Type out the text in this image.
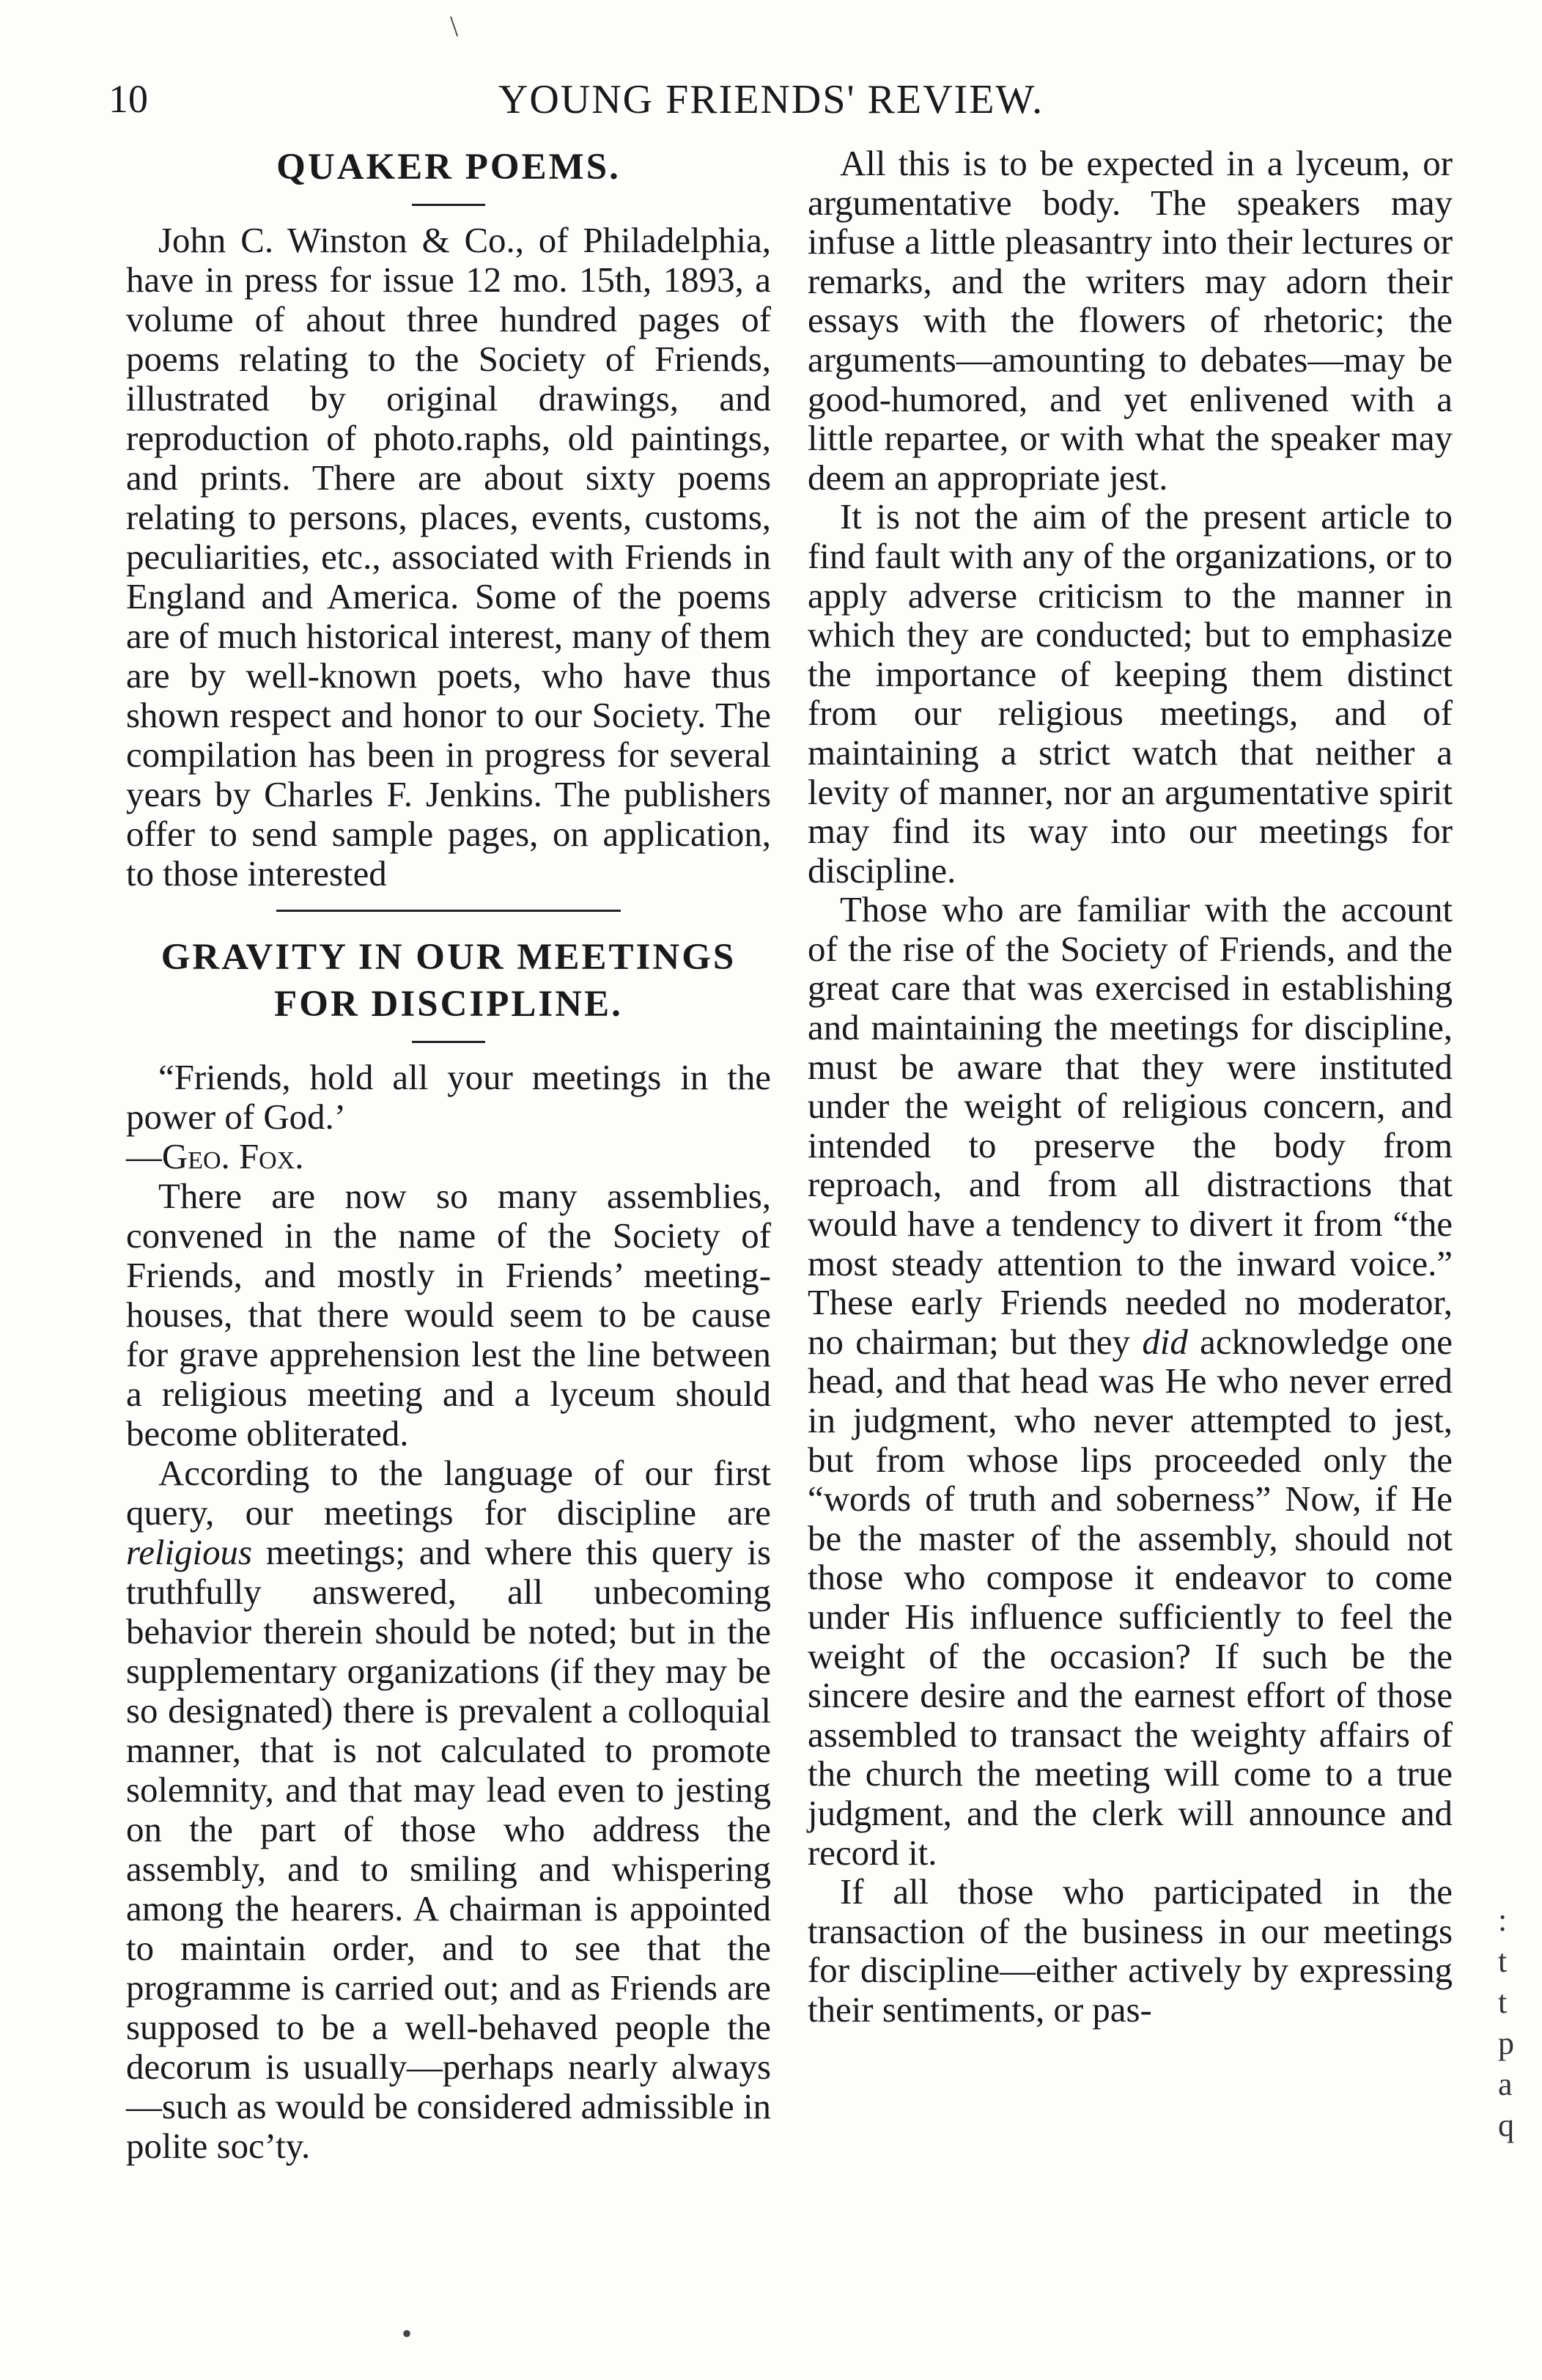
10	YOUNG FRIENDS' REVIEW.
QUAKER POEMS.

John C. Winston & Co., of Philadelphia, have in press for issue 12 mo. 15th, 1893, a volume of ahout three hundred pages of poems relating to the Society of Friends, illustrated by original drawings, and reproduction of photo.raphs, old paintings, and prints. There are about sixty poems relating to persons, places, events, customs, peculiarities, etc., associated with Friends in England and America. Some of the poems are of much historical interest, many of them are by well-known poets, who have thus shown respect and honor to our Society. The compilation has been in progress for several years by Charles F. Jenkins. The publishers offer to send sample pages, on application, to those interested

GRAVITY IN OUR MEETINGS
FOR DISCIPLINE.

“Friends, hold all your meetings in the power of God.’

—Geo. Fox.

There are now so many assemblies, convened in the name of the Society of Friends, and mostly in Friends’ meeting-houses, that there would seem to be cause for grave apprehension lest the line between a religious meeting and a lyceum should become obliterated.

According to the language of our first query, our meetings for discipline are religious meetings; and where this query is truthfully answered, all unbecoming behavior therein should be noted; but in the supplementary organizations (if they may be so designated) there is prevalent a colloquial manner, that is not calculated to promote solemnity, and that may lead even to jesting on the part of those who address the assembly, and to smiling and whispering among the hearers. A chairman is appointed to maintain order, and to see that the programme is carried out; and as Friends are supposed to be a well-behaved people the decorum is usually—perhaps nearly always—such as would be considered admissible in polite soc’ty.

All this is to be expected in a lyceum, or argumentative body. The speakers may infuse a little pleasantry into their lectures or remarks, and the writers may adorn their essays with the flowers of rhetoric; the arguments—amounting to debates—may be good-humored, and yet enlivened with a little repartee, or with what the speaker may deem an appropriate jest.

It is not the aim of the present article to find fault with any of the organizations, or to apply adverse criticism to the manner in which they are conducted; but to emphasize the importance of keeping them distinct from our religious meetings, and of maintaining a strict watch that neither a levity of manner, nor an argumentative spirit may find its way into our meetings for discipline.

Those who are familiar with the account of the rise of the Society of Friends, and the great care that was exercised in establishing and maintaining the meetings for discipline, must be aware that they were instituted under the weight of religious concern, and intended to preserve the body from reproach, and from all distractions that would have a tendency to divert it from “the most steady attention to the inward voice.” These early Friends needed no moderator, no chairman; but they did acknowledge one head, and that head was He who never erred in judgment, who never attempted to jest, but from whose lips proceeded only the “words of truth and soberness” Now, if He be the master of the assembly, should not those who compose it endeavor to come under His influence sufficiently to feel the weight of the occasion? If such be the sincere desire and the earnest effort of those assembled to transact the weighty affairs of the church the meeting will come to a true judgment, and the clerk will announce and record it.

If all those who participated in the transaction of the business in our meetings for discipline—either actively by expressing their sentiments, or pas-

:
t
t
p
a
q
\
•
